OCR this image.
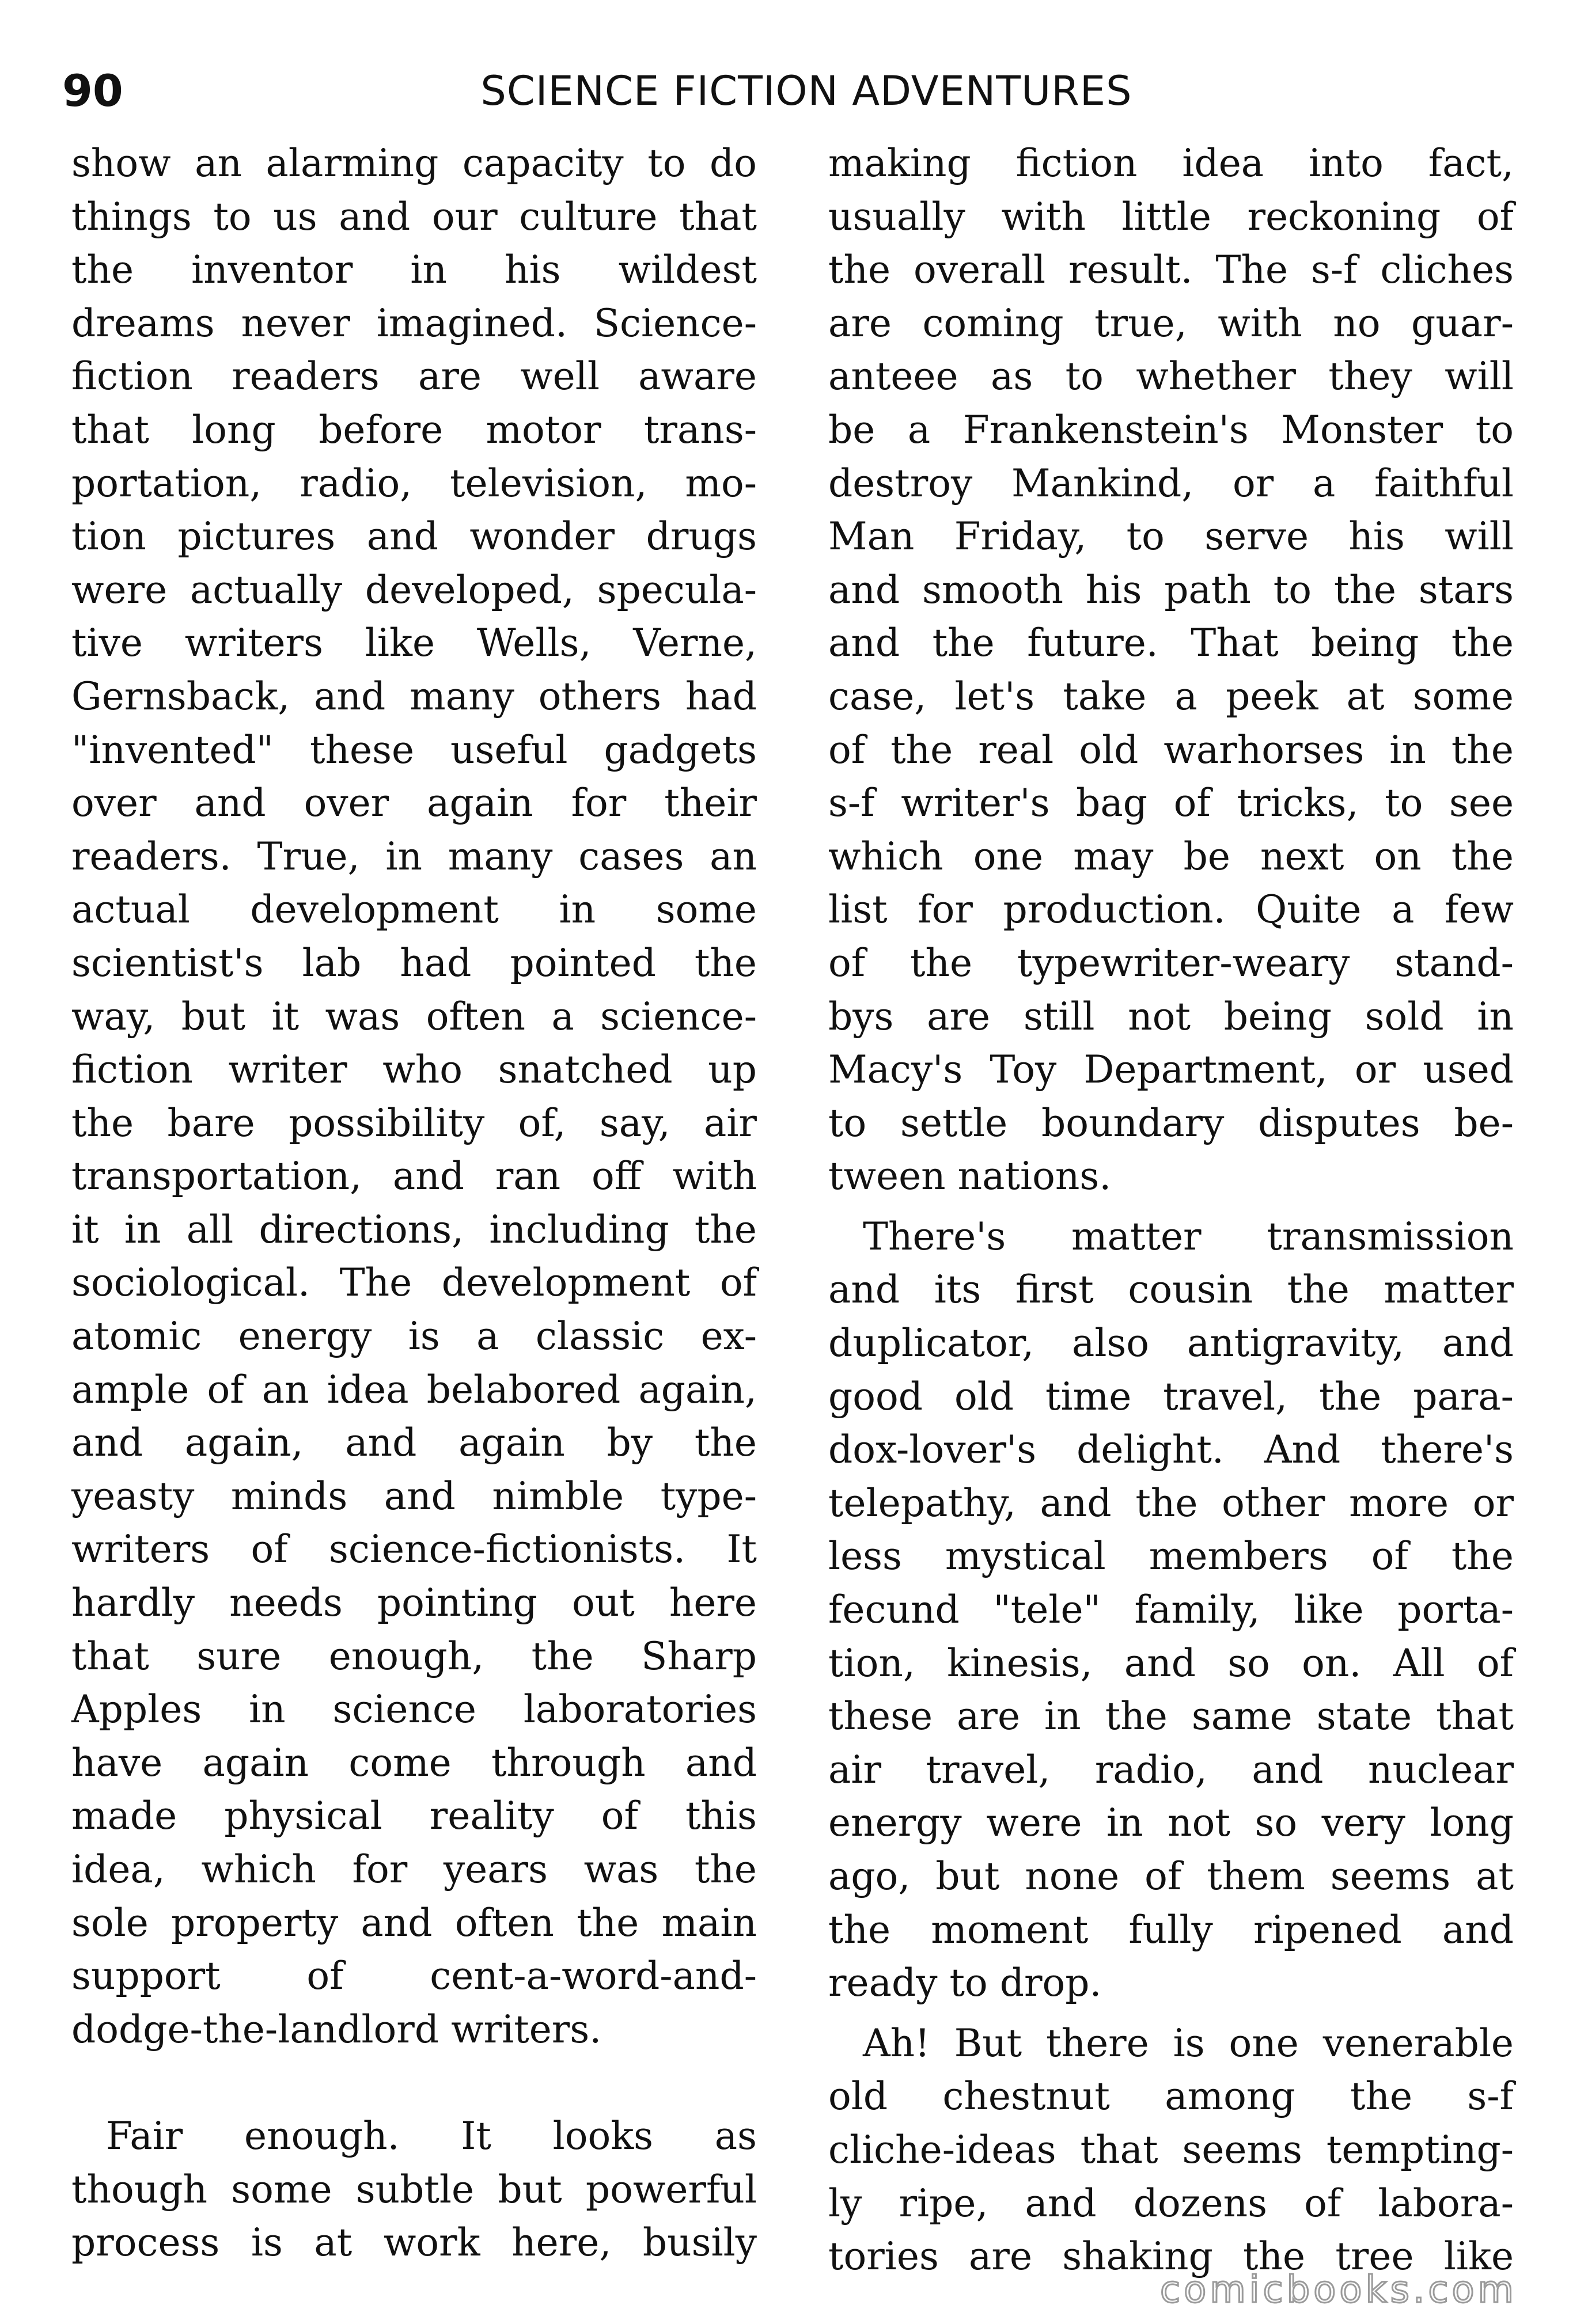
90	SCIENCE FICTION ADVENTURES
show an alarming capacity to do
things to us and our culture that
the inventor in his wildest
dreams never imagined. Science-
fiction readers are well aware
that long before motor trans-
portation, radio, television, mo-
tion pictures and wonder drugs
were actually developed, specula-
tive writers like Wells, Verne,
Gernsback, and many others had
"invented" these useful gadgets
over and over again for their
readers. True, in many cases an
actual development in some
scientist's lab had pointed the
way, but it was often a science-
fiction writer who snatched up
the bare possibility of, say, air
transportation, and ran off with
it in all directions, including the
sociological. The development of
atomic energy is a classic ex-
ample of an idea belabored again,
and again, and again by the
yeasty minds and nimble type-
writers of science-fictionists. It
hardly needs pointing out here
that sure enough, the Sharp
Apples in science laboratories
have again come through and
made physical reality of this
idea, which for years was the
sole property and often the main
support of cent-a-word-and-
dodge-the-landlord writers.
Fair enough. It looks as
though some subtle but powerful
process is at work here, busily
making fiction idea into fact,
usually with little reckoning of
the overall result. The s-f cliches
are coming true, with no guar-
anteee as to whether they will
be a Frankenstein's Monster to
destroy Mankind, or a faithful
Man Friday, to serve his will
and smooth his path to the stars
and the future. That being the
case, let's take a peek at some
of the real old warhorses in the
s-f writer's bag of tricks, to see
which one may be next on the
list for production. Quite a few
of the typewriter-weary stand-
bys are still not being sold in
Macy's Toy Department, or used
to settle boundary disputes be-
tween nations.
There's matter transmission
and its first cousin the matter
duplicator, also antigravity, and
good old time travel, the para-
dox-lover's delight. And there's
telepathy, and the other more or
less mystical members of the
fecund "tele" family, like porta-
tion, kinesis, and so on. All of
these are in the same state that
air travel, radio, and nuclear
energy were in not so very long
ago, but none of them seems at
the moment fully ripened and
ready to drop.
Ah! But there is one venerable
old chestnut among the s-f
cliche-ideas that seems tempting-
ly ripe, and dozens of labora-
tories are shaking the tree like
comicbooks.com
